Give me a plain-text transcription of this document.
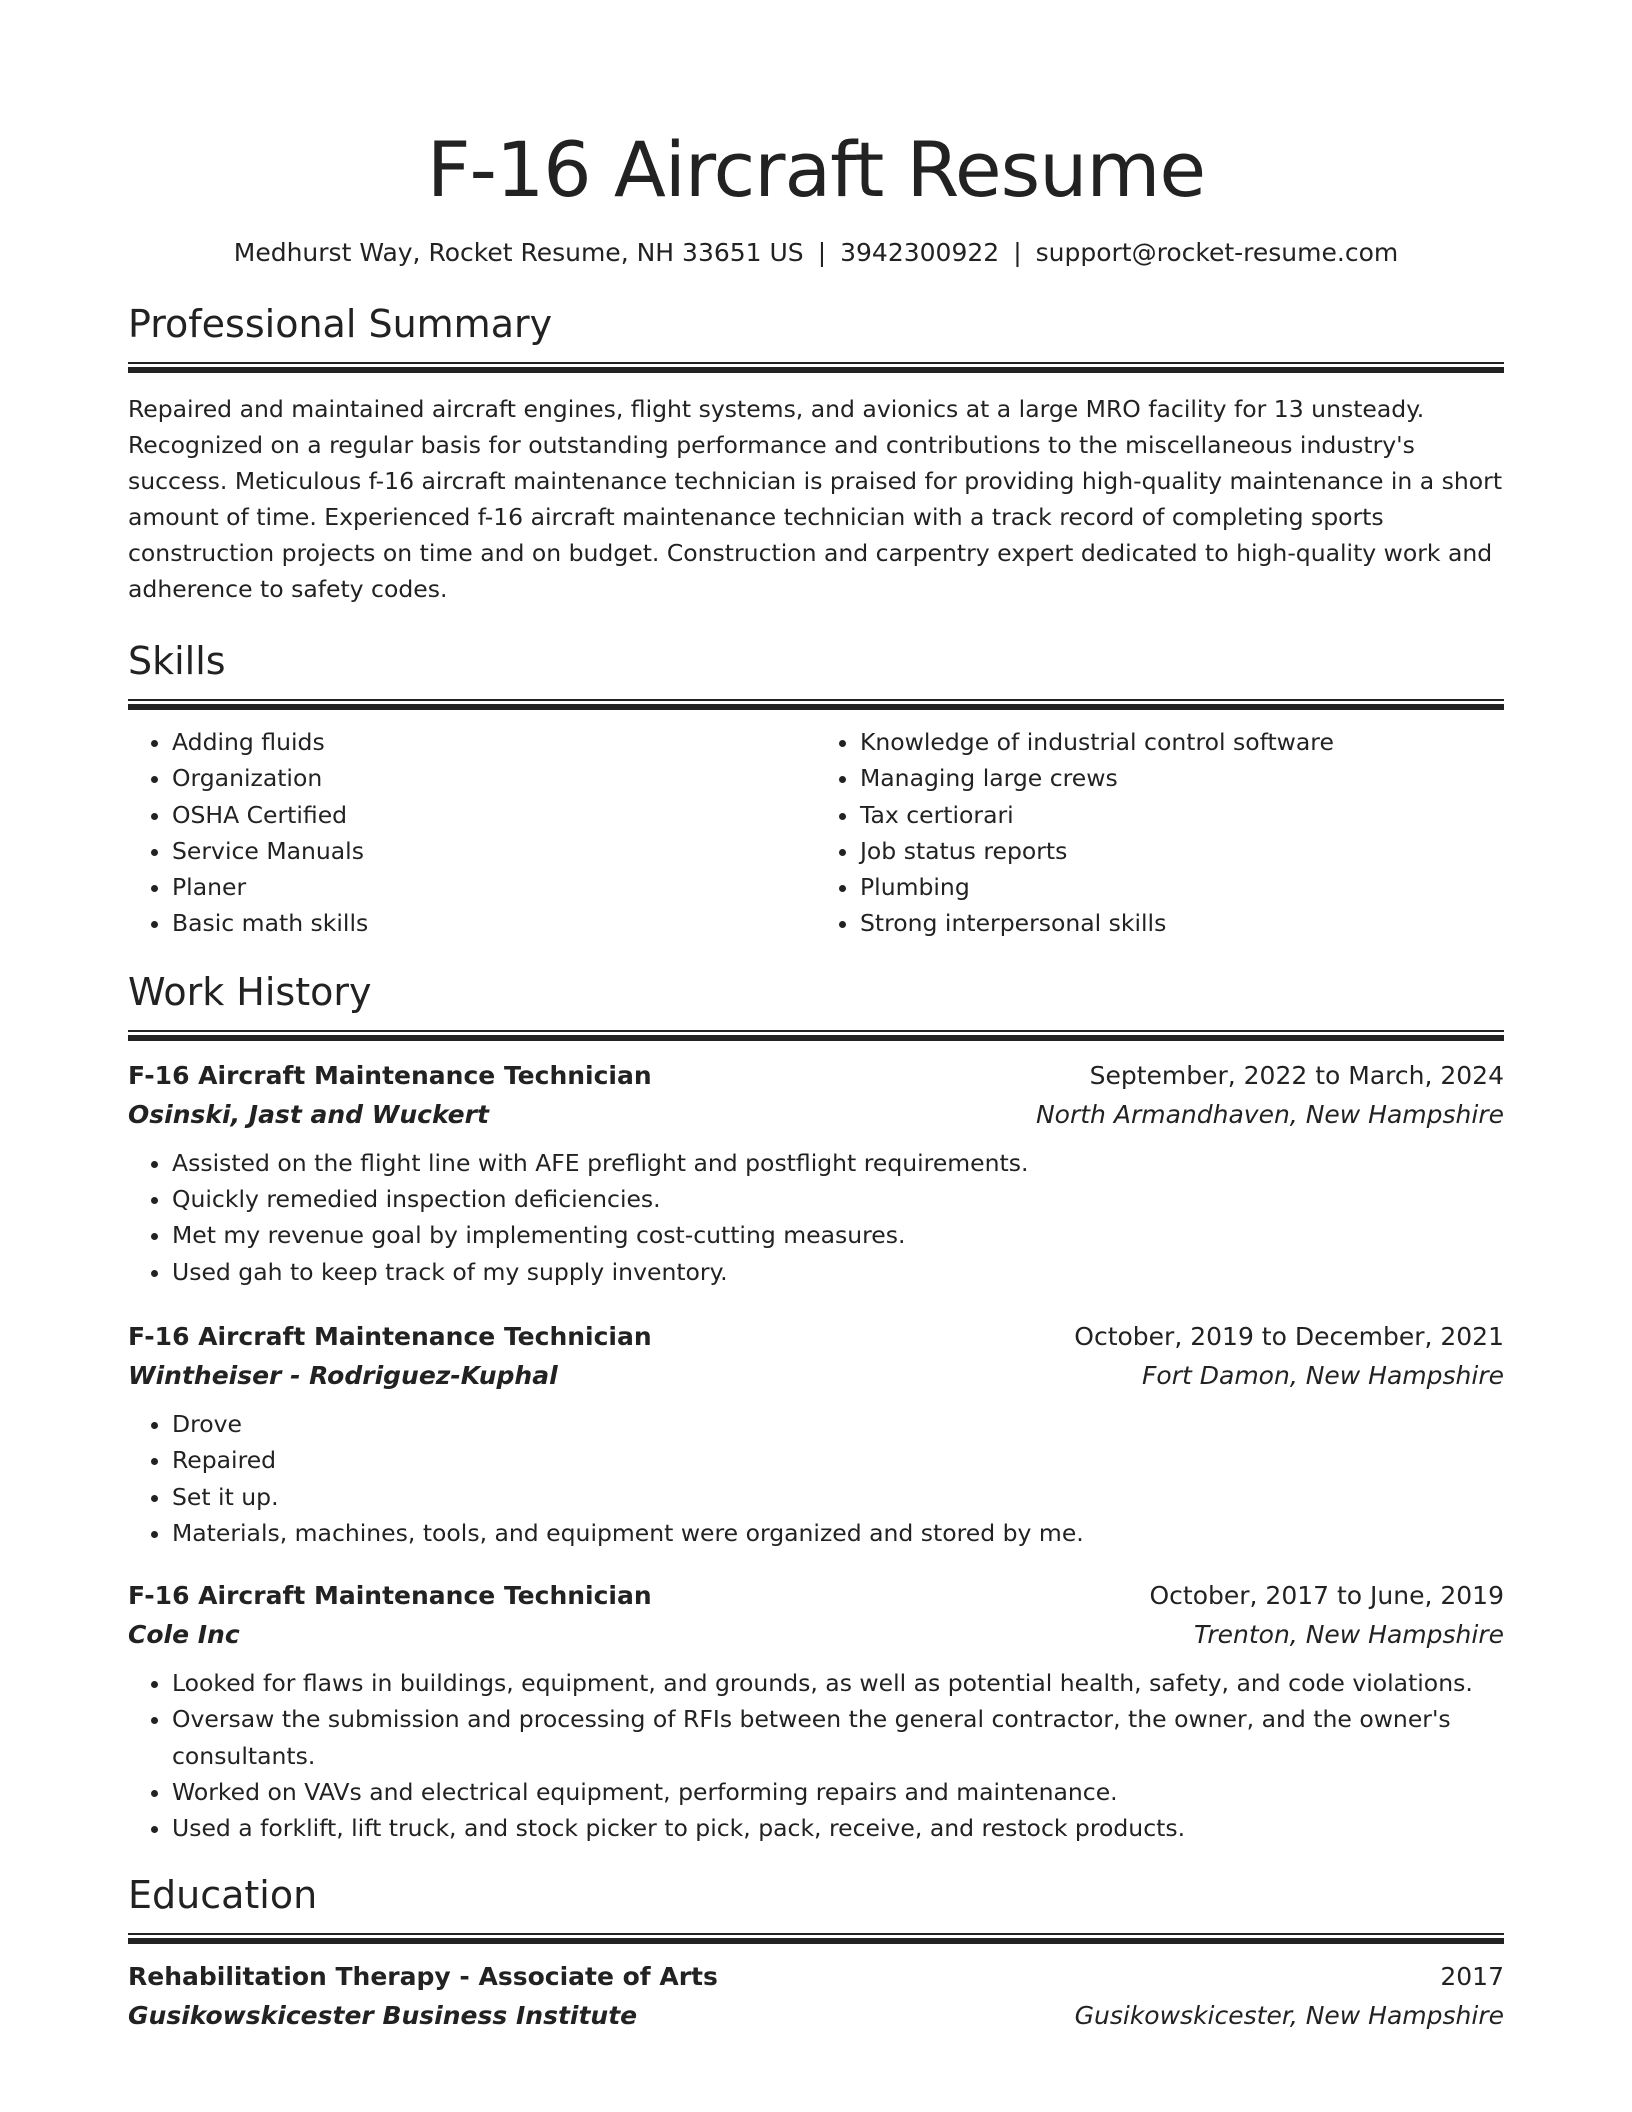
F-16 Aircraft Resume
Medhurst Way, Rocket Resume, NH 33651 US | 3942300922 | support@rocket-resume.com
Professional Summary
Repaired and maintained aircraft engines, flight systems, and avionics at a large MRO facility for 13 unsteady. Recognized on a regular basis for outstanding performance and contributions to the miscellaneous industry's success. Meticulous f-16 aircraft maintenance technician is praised for providing high-quality maintenance in a short amount of time. Experienced f-16 aircraft maintenance technician with a track record of completing sports construction projects on time and on budget. Construction and carpentry expert dedicated to high-quality work and adherence to safety codes.
Skills
• Adding fluids
• Organization
• OSHA Certified
• Service Manuals
• Planer
• Basic math skills
• Knowledge of industrial control software
• Managing large crews
• Tax certiorari
• Job status reports
• Plumbing
• Strong interpersonal skills
Work History
F-16 Aircraft Maintenance Technician	September, 2022 to March, 2024
Osinski, Jast and Wuckert	North Armandhaven, New Hampshire
• Assisted on the flight line with AFE preflight and postflight requirements.
• Quickly remedied inspection deficiencies.
• Met my revenue goal by implementing cost-cutting measures.
• Used gah to keep track of my supply inventory.
F-16 Aircraft Maintenance Technician	October, 2019 to December, 2021
Wintheiser - Rodriguez-Kuphal	Fort Damon, New Hampshire
• Drove
• Repaired
• Set it up.
• Materials, machines, tools, and equipment were organized and stored by me.
F-16 Aircraft Maintenance Technician	October, 2017 to June, 2019
Cole Inc	Trenton, New Hampshire
• Looked for flaws in buildings, equipment, and grounds, as well as potential health, safety, and code violations.
• Oversaw the submission and processing of RFIs between the general contractor, the owner, and the owner's consultants.
• Worked on VAVs and electrical equipment, performing repairs and maintenance.
• Used a forklift, lift truck, and stock picker to pick, pack, receive, and restock products.
Education
Rehabilitation Therapy - Associate of Arts	2017
Gusikowskicester Business Institute	Gusikowskicester, New Hampshire
